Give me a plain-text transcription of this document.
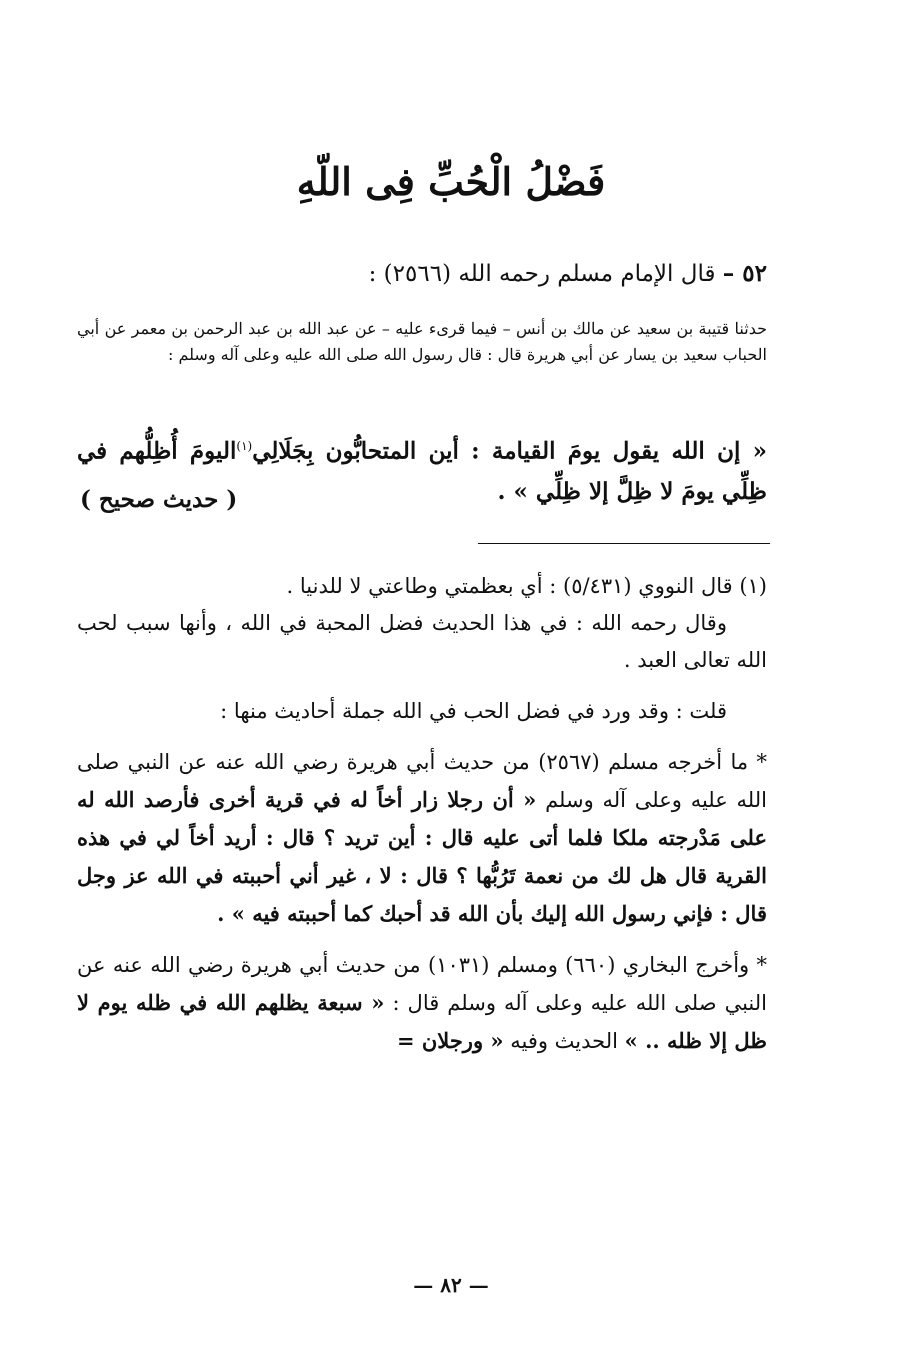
فَضْلُ الْحُبِّ فِى اللّهِ
٥٢ – قال الإمام مسلم رحمه الله (٢٥٦٦) :
حدثنا قتيبة بن سعيد عن مالك بن أنس – فيما قرىء عليه – عن عبد الله بن عبد الرحمن بن معمر عن أبي الحباب سعيد بن يسار عن أبي هريرة قال : قال رسول الله صلى الله عليه وعلى آله وسلم :
« إن الله يقول يومَ القيامة : أين المتحابُّون بِجَلَالِي$^{(١)}$اليومَ أُظِلُّهم في ظِلِّي يومَ لا ظِلَّ إلا ظِلِّي » .
( حديث صحيح )

(١) قال النووي (٥/٤٣١) : أي بعظمتي وطاعتي لا للدنيا .

وقال رحمه الله : في هذا الحديث فضل المحبة في الله ، وأنها سبب لحب الله تعالى العبد .

قلت : وقد ورد في فضل الحب في الله جملة أحاديث منها :

* ما أخرجه مسلم (٢٥٦٧) من حديث أبي هريرة رضي الله عنه عن النبي صلى الله عليه وعلى آله وسلم « أن رجلا زار أخاً له في قرية أخرى فأرصد الله له على مَدْرجته ملكا فلما أتى عليه قال : أين تريد ؟ قال : أريد أخاً لي في هذه القرية قال هل لك من نعمة تَرُبُّها ؟ قال : لا ، غير أني أحببته في الله عز وجل قال : فإني رسول الله إليك بأن الله قد أحبك كما أحببته فيه » .

* وأخرج البخاري (٦٦٠) ومسلم (١٠٣١) من حديث أبي هريرة رضي الله عنه عن النبي صلى الله عليه وعلى آله وسلم قال : « سبعة يظلهم الله في ظله يوم لا ظل إلا ظله .. » الحديث وفيه « ورجلان =

— ٨٢ —
